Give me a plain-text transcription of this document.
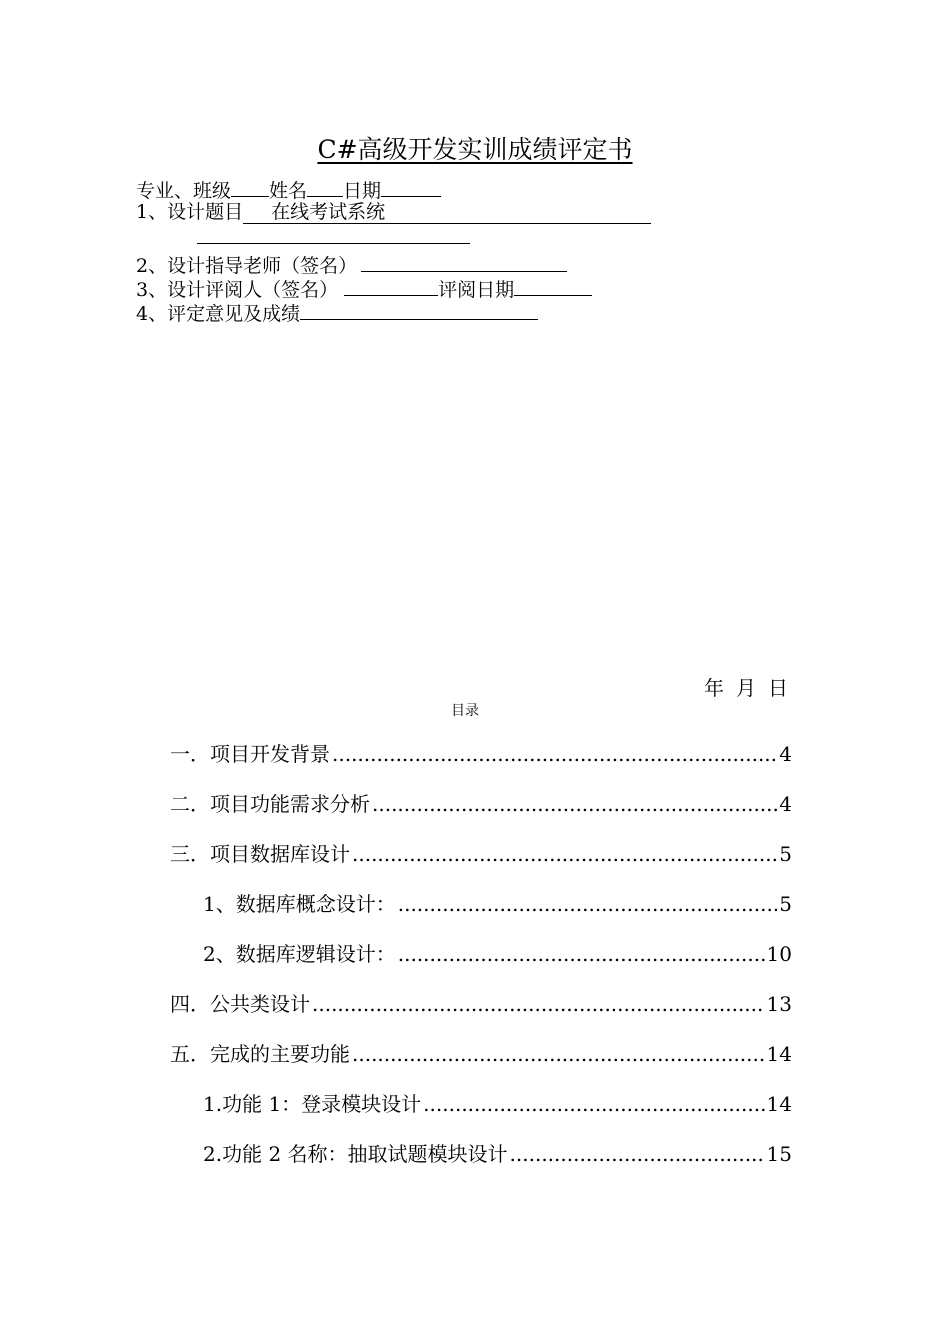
C#高级开发实训成绩评定书
专业、班级 姓名 日期
1、设计题目 在线考试系统
2、设计指导老师（签名）
3、设计评阅人（签名）	评阅日期
4、评定意见及成绩
年 月 日
目录
一．项目开发背景 .....	4
二．项目功能需求分析 .....	4
三．项目数据库设计 .....	5
1、数据库概念设计： .....	5
2、数据库逻辑设计： .....	10
四．公共类设计 .....	13
五．完成的主要功能 .....	14
1.功能 1：登录模块设计 .....	14
2.功能 2 名称：抽取试题模块设计 .....	15
